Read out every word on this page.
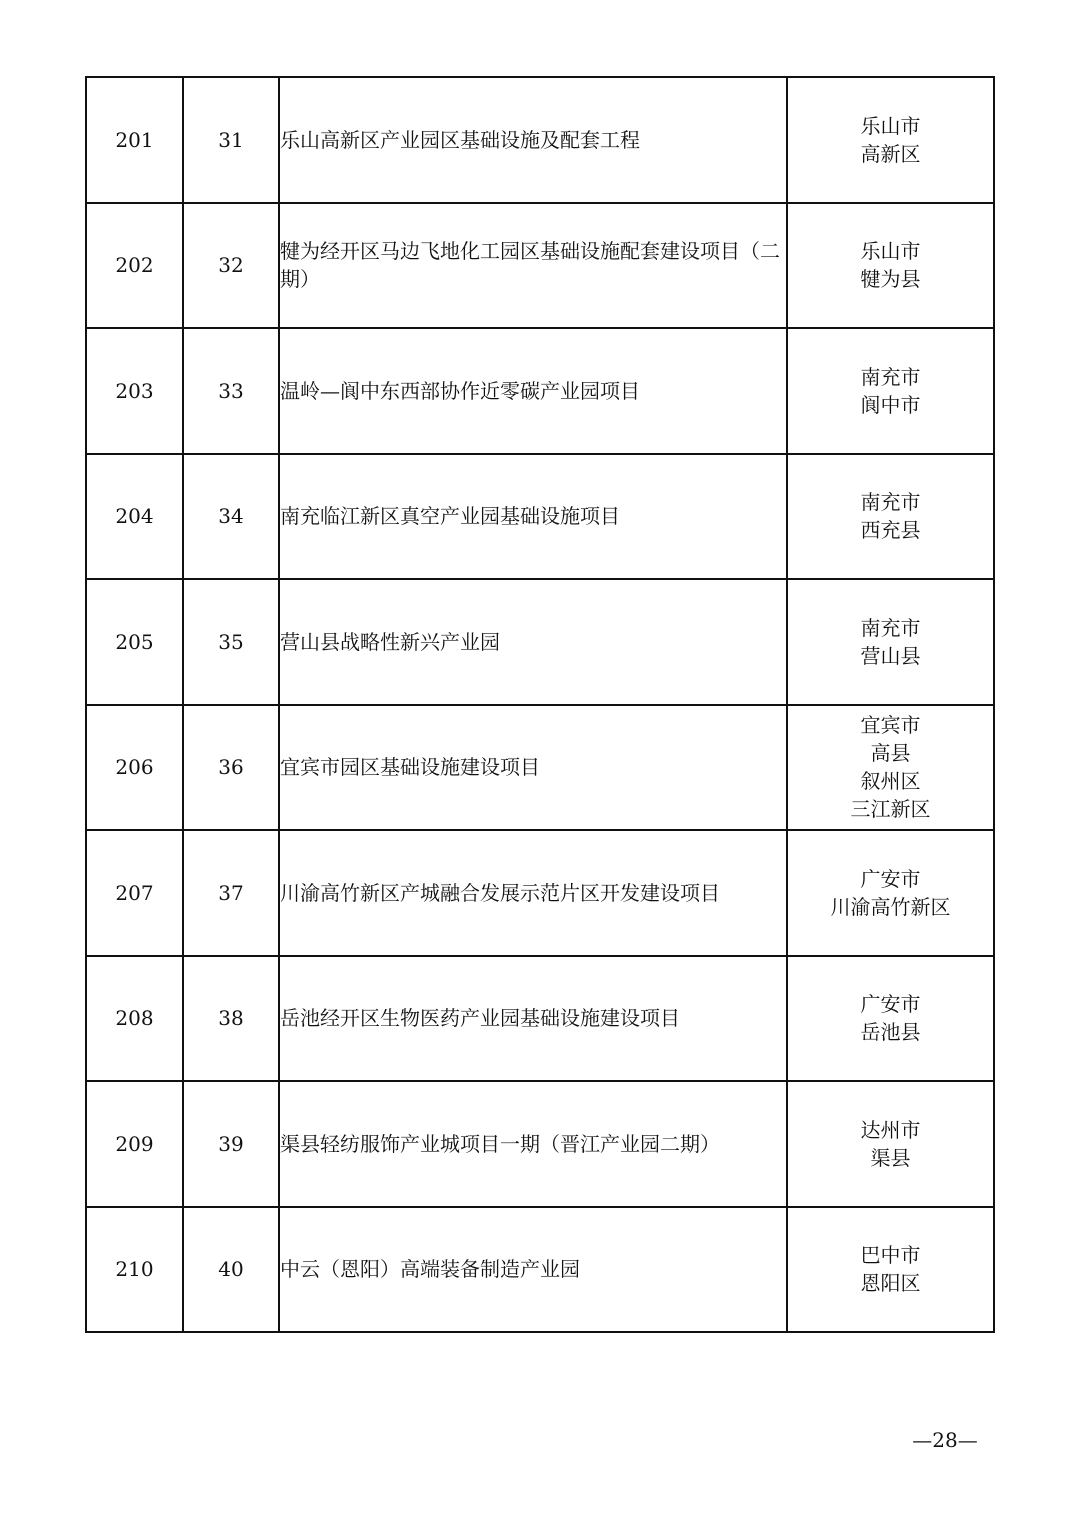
201	31	乐山高新区产业园区基础设施及配套工程	乐山市
高新区

202	32	犍为经开区马边飞地化工园区基础设施配套建设项目（二期）	乐山市
犍为县

203	33	温岭—阆中东西部协作近零碳产业园项目	南充市
阆中市

204	34	南充临江新区真空产业园基础设施项目	南充市
西充县

205	35	营山县战略性新兴产业园	南充市
营山县

206	36	宜宾市园区基础设施建设项目	宜宾市
高县
叙州区
三江新区

207	37	川渝高竹新区产城融合发展示范片区开发建设项目	广安市
川渝高竹新区

208	38	岳池经开区生物医药产业园基础设施建设项目	广安市
岳池县

209	39	渠县轻纺服饰产业城项目一期（晋江产业园二期）	达州市
渠县

210	40	中云（恩阳）高端装备制造产业园	巴中市
恩阳区
—28—
